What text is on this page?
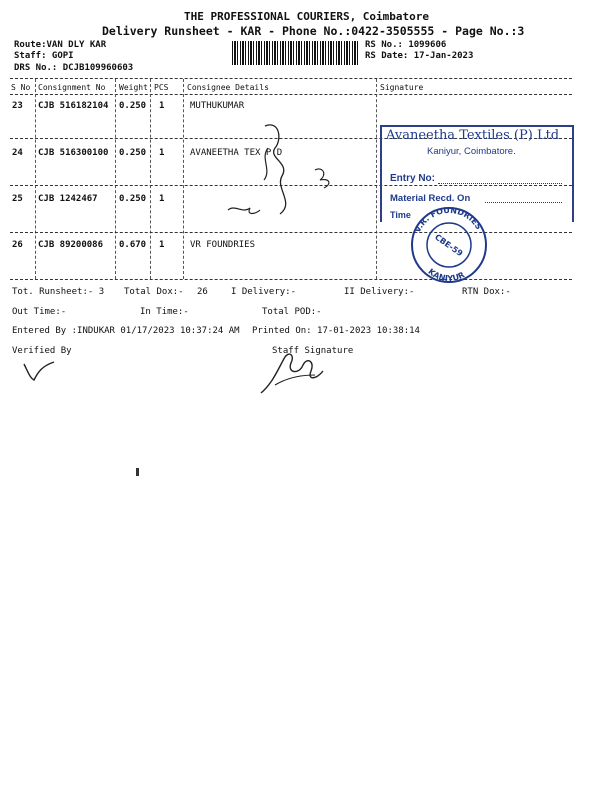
THE PROFESSIONAL COURIERS, Coimbatore
Delivery Runsheet - KAR - Phone No.:0422-3505555 - Page No.:3
Route:VAN DLY KAR
Staff: GOPI
DRS No.: DCJB109960603
RS No.: 1099606
RS Date: 17-Jan-2023
S No Consignment No Weight PCS Consignee Details	Signature
23 CJB 516182104 0.250 1	MUTHUKUMAR
24 CJB 516300100 0.250 1	AVANEETHA TEX P D
25 CJB 1242467 0.250 1
26 CJB 89200086 0.670 1	VR FOUNDRIES
Avaneetha Textiles (P) Ltd
Kaniyur, Coimbatore.
Entry No:
Material Recd. On
Time
V.R. FOUNDRIES
KANIYUR
CBE-59
Tot. Runsheet:- 3 Total Dox:- 26	I Delivery:-	II Delivery:-	RTN Dox:-
Out Time:-	In Time:-	Total POD:-
Entered By :INDUKAR 01/17/2023 10:37:24 AM Printed On: 17-01-2023 10:38:14
Verified By	Staff Signature
